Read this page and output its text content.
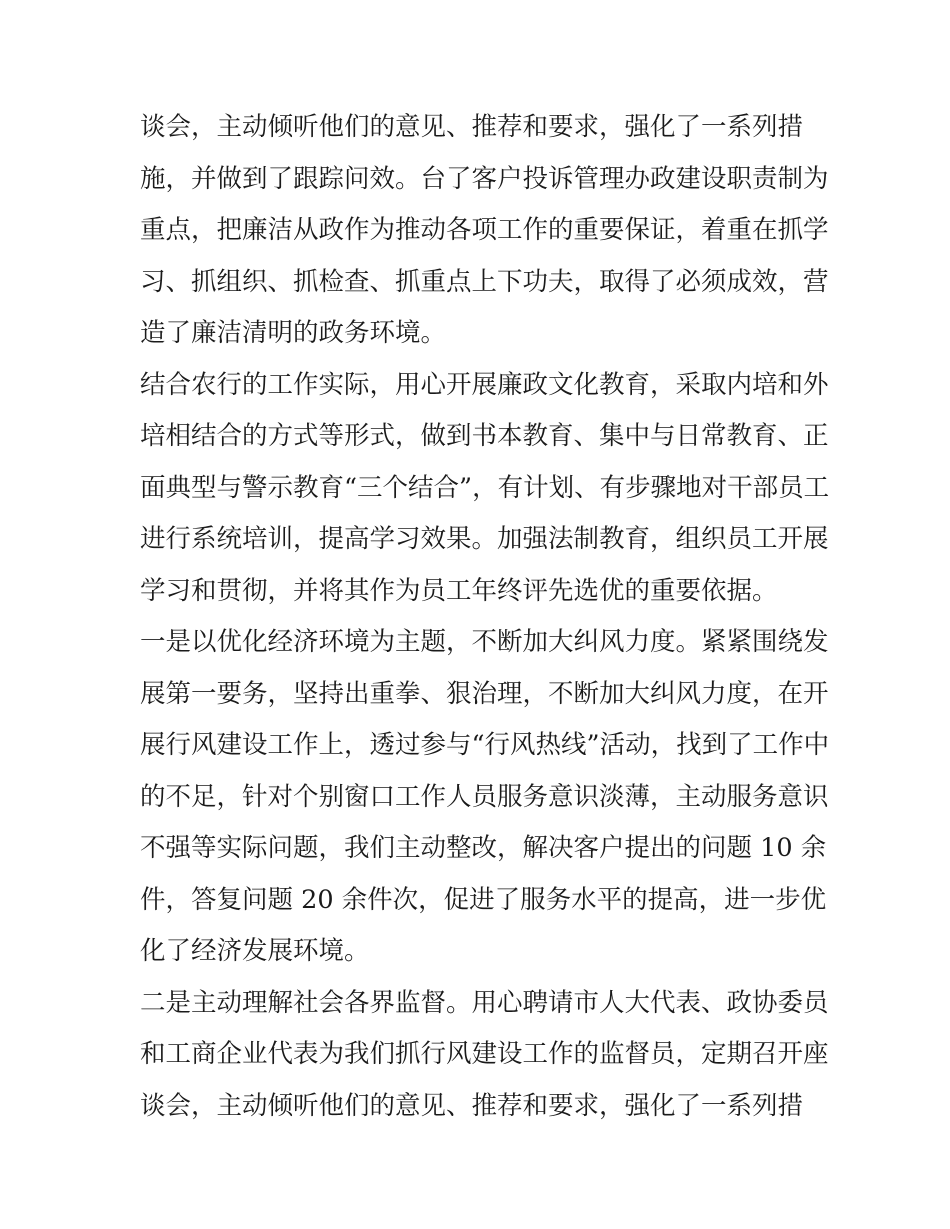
谈会，主动倾听他们的意见、推荐和要求，强化了一系列措
施，并做到了跟踪问效。台了客户投诉管理办政建设职责制为
重点，把廉洁从政作为推动各项工作的重要保证，着重在抓学
习、抓组织、抓检查、抓重点上下功夫，取得了必须成效，营
造了廉洁清明的政务环境。
结合农行的工作实际，用心开展廉政文化教育，采取内培和外
培相结合的方式等形式，做到书本教育、集中与日常教育、正
面典型与警示教育“三个结合”，有计划、有步骤地对干部员工
进行系统培训，提高学习效果。加强法制教育，组织员工开展
学习和贯彻，并将其作为员工年终评先选优的重要依据。
一是以优化经济环境为主题，不断加大纠风力度。紧紧围绕发
展第一要务，坚持出重拳、狠治理，不断加大纠风力度，在开
展行风建设工作上，透过参与“行风热线”活动，找到了工作中
的不足，针对个别窗口工作人员服务意识淡薄，主动服务意识
不强等实际问题，我们主动整改，解决客户提出的问题 10 余
件，答复问题 20 余件次，促进了服务水平的提高，进一步优
化了经济发展环境。
二是主动理解社会各界监督。用心聘请市人大代表、政协委员
和工商企业代表为我们抓行风建设工作的监督员，定期召开座
谈会，主动倾听他们的意见、推荐和要求，强化了一系列措
